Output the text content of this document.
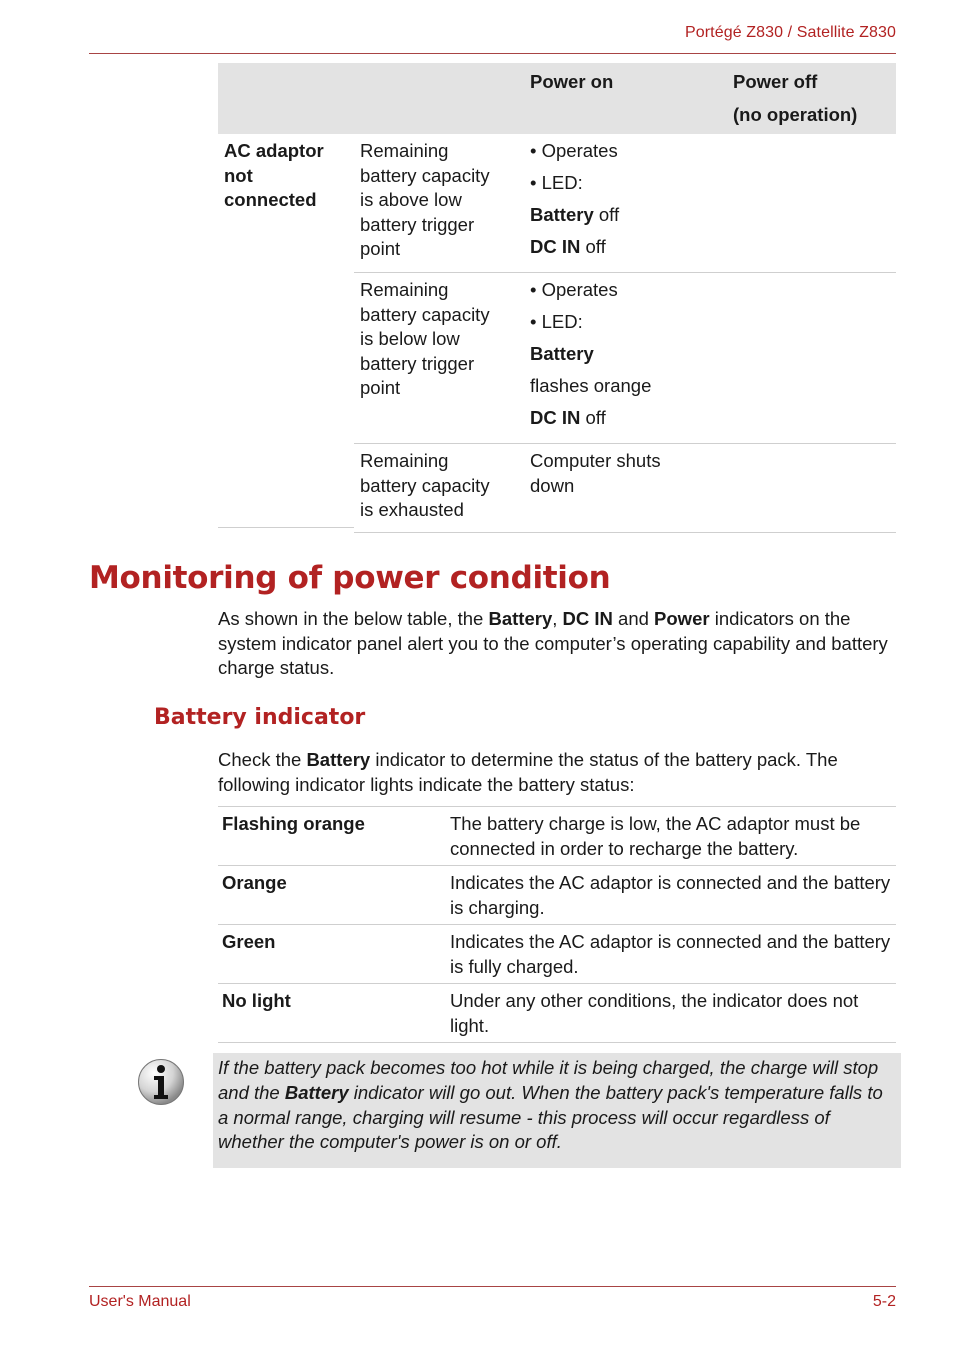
Portégé Z830 / Satellite Z830
		Power on	Power off
(no operation)
AC adaptor not connected	Remaining
battery capacity
is above low
battery trigger
point	• Operates
• LED:
Battery off
DC IN off	

	Remaining
battery capacity
is below low
battery trigger
point	• Operates
• LED:
Battery
flashes orange
DC IN off	

	Remaining
battery capacity
is exhausted	Computer shuts
down	
Monitoring of power condition

As shown in the below table, the Battery, DC IN and Power indicators on the system indicator panel alert you to the computer’s operating capability and battery charge status.

Battery indicator

Check the Battery indicator to determine the status of the battery pack. The following indicator lights indicate the battery status:

Flashing orange	The battery charge is low, the AC adaptor must be connected in order to recharge the battery.
Orange	Indicates the AC adaptor is connected and the battery is charging.
Green	Indicates the AC adaptor is connected and the battery is fully charged.
No light	Under any other conditions, the indicator does not light.
If the battery pack becomes too hot while it is being charged, the charge will stop and the Battery indicator will go out. When the battery pack's temperature falls to a normal range, charging will resume - this process will occur regardless of whether the computer's power is on or off.
User's Manual	5-2
